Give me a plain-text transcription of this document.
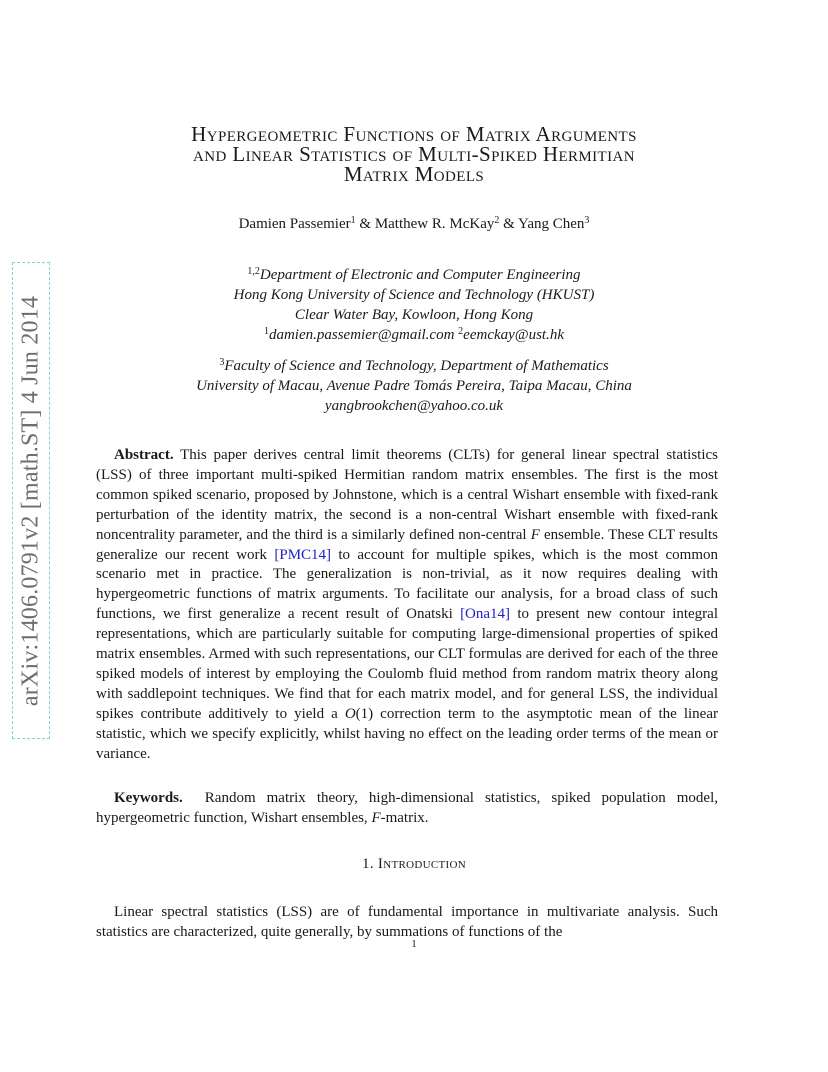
arXiv:1406.0791v2 [math.ST] 4 Jun 2014
Hypergeometric Functions of Matrix Arguments
and Linear Statistics of Multi-Spiked Hermitian
Matrix Models
Damien Passemier$^1$ & Matthew R. McKay$^2$ & Yang Chen$^3$
$^{1,2}$Department of Electronic and Computer Engineering
Hong Kong University of Science and Technology (HKUST)
Clear Water Bay, Kowloon, Hong Kong
$^1$damien.passemier@gmail.com $^2$eemckay@ust.hk
$^3$Faculty of Science and Technology, Department of Mathematics
University of Macau, Avenue Padre Tomás Pereira, Taipa Macau, China
yangbrookchen@yahoo.co.uk
Abstract. This paper derives central limit theorems (CLTs) for general linear spectral statistics (LSS) of three important multi-spiked Hermitian random matrix ensembles. The first is the most common spiked scenario, proposed by Johnstone, which is a central Wishart ensemble with fixed-rank perturbation of the identity matrix, the second is a non-central Wishart ensemble with fixed-rank noncentrality parameter, and the third is a similarly defined non-central F ensemble. These CLT results generalize our recent work [PMC14] to account for multiple spikes, which is the most common scenario met in practice. The generalization is non-trivial, as it now requires dealing with hypergeometric functions of matrix arguments. To facilitate our analysis, for a broad class of such functions, we first generalize a recent result of Onatski [Ona14] to present new contour integral representations, which are particularly suitable for computing large-dimensional properties of spiked matrix ensembles. Armed with such representations, our CLT formulas are derived for each of the three spiked models of interest by employing the Coulomb fluid method from random matrix theory along with saddlepoint techniques. We find that for each matrix model, and for general LSS, the individual spikes contribute additively to yield a O(1) correction term to the asymptotic mean of the linear statistic, which we specify explicitly, whilst having no effect on the leading order terms of the mean or variance.
Keywords.  Random matrix theory, high-dimensional statistics, spiked population model, hypergeometric function, Wishart ensembles, F-matrix.
1. Introduction
Linear spectral statistics (LSS) are of fundamental importance in multivariate analysis. Such statistics are characterized, quite generally, by summations of functions of the
1
